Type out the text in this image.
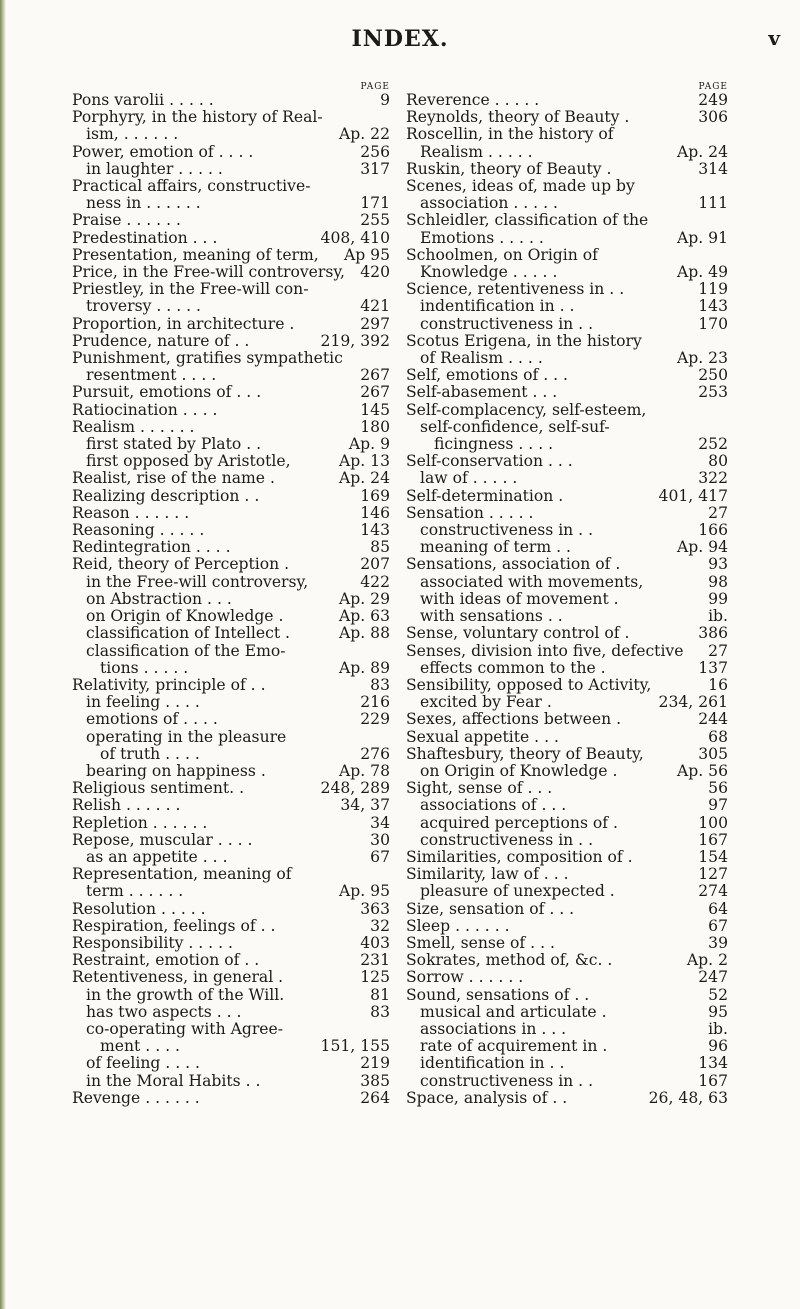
INDEX.	v
PAGE
Pons varolii . . . . .	9
Porphyry, in the history of Real-
ism, . . . . . .	Ap. 22
Power, emotion of . . . .	256
in laughter . . . . .	317
Practical affairs, constructive-
ness in . . . . . .	171
Praise . . . . . .	255
Predestination . . .	408, 410
Presentation, meaning of term,	Ap 95
Price, in the Free-will controversy, 420
Priestley, in the Free-will con-
troversy . . . . .	421
Proportion, in architecture .	297
Prudence, nature of . .	219, 392
Punishment, gratifies sympathetic
resentment . . . .	267
Pursuit, emotions of . . .	267
Ratiocination . . . .	145
Realism . . . . . .	180
first stated by Plato . .	Ap. 9
first opposed by Aristotle,	Ap. 13
Realist, rise of the name .	Ap. 24
Realizing description . .	169
Reason . . . . . .	146
Reasoning . . . . .	143
Redintegration . . . .	85
Reid, theory of Perception .	207
in the Free-will controversy,	422
on Abstraction . . .	Ap. 29
on Origin of Knowledge .	Ap. 63
classification of Intellect .	Ap. 88
classification of the Emo-
tions . . . . .	Ap. 89
Relativity, principle of . .	83
in feeling . . . .	216
emotions of . . . .	229
operating in the pleasure
of truth . . . .	276
bearing on happiness .	Ap. 78
Religious sentiment. .	248, 289
Relish . . . . . .	34, 37
Repletion . . . . . .	34
Repose, muscular . . . .	30
as an appetite . . .	67
Representation, meaning of
term . . . . . .	Ap. 95
Resolution . . . . .	363
Respiration, feelings of . .	32
Responsibility . . . . .	403
Restraint, emotion of . .	231
Retentiveness, in general .	125
in the growth of the Will.	81
has two aspects . . .	83
co-operating with Agree-
ment . . . .	151, 155
of feeling . . . .	219
in the Moral Habits . .	385
Revenge . . . . . .	264
PAGE
Reverence . . . . .	249
Reynolds, theory of Beauty .	306
Roscellin, in the history of
Realism . . . . .	Ap. 24
Ruskin, theory of Beauty .	314
Scenes, ideas of, made up by
association . . . . .	111
Schleidler, classification of the
Emotions . . . . .	Ap. 91
Schoolmen, on Origin of
Knowledge . . . . .	Ap. 49
Science, retentiveness in . .	119
indentification in . .	143
constructiveness in . .	170
Scotus Erigena, in the history
of Realism . . . .	Ap. 23
Self, emotions of . . .	250
Self-abasement . . .	253
Self-complacency, self-esteem,
self-confidence, self-suf-
ficingness . . . .	252
Self-conservation . . .	80
law of . . . . .	322
Self-determination .	401, 417
Sensation . . . . .	27
constructiveness in . .	166
meaning of term . .	Ap. 94
Sensations, association of .	93
associated with movements,	98
with ideas of movement .	99
with sensations . .	ib.
Sense, voluntary control of .	386
Senses, division into five, defective	27
effects common to the .	137
Sensibility, opposed to Activity,	16
excited by Fear .	234, 261
Sexes, affections between .	244
Sexual appetite . . .	68
Shaftesbury, theory of Beauty,	305
on Origin of Knowledge .	Ap. 56
Sight, sense of . . .	56
associations of . . .	97
acquired perceptions of .	100
constructiveness in . .	167
Similarities, composition of .	154
Similarity, law of . . .	127
pleasure of unexpected .	274
Size, sensation of . . .	64
Sleep . . . . . .	67
Smell, sense of . . .	39
Sokrates, method of, &c. .	Ap. 2
Sorrow . . . . . .	247
Sound, sensations of . .	52
musical and articulate .	95
associations in . . .	ib.
rate of acquirement in .	96
identification in . .	134
constructiveness in . .	167
Space, analysis of . .	26, 48, 63
